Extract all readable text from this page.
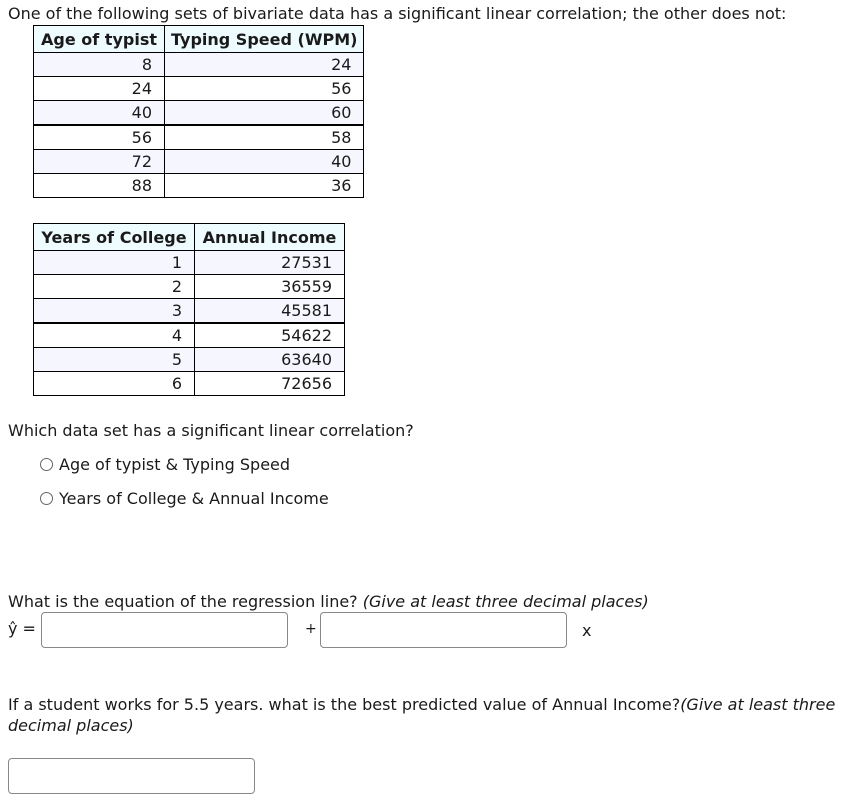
One of the following sets of bivariate data has a significant linear correlation; the other does not:
Age of typist	Typing Speed (WPM)
8	24
24	56
40	60
56	58
72	40
88	36
Years of College	Annual Income
1	27531
2	36559
3	45581
4	54622
5	63640
6	72656
Which data set has a significant linear correlation?
Age of typist & Typing Speed
Years of College & Annual Income
What is the equation of the regression line? (Give at least three decimal places)
ŷ =	+	x
If a student works for 5.5 years. what is the best predicted value of Annual Income?(Give at least three decimal places)
